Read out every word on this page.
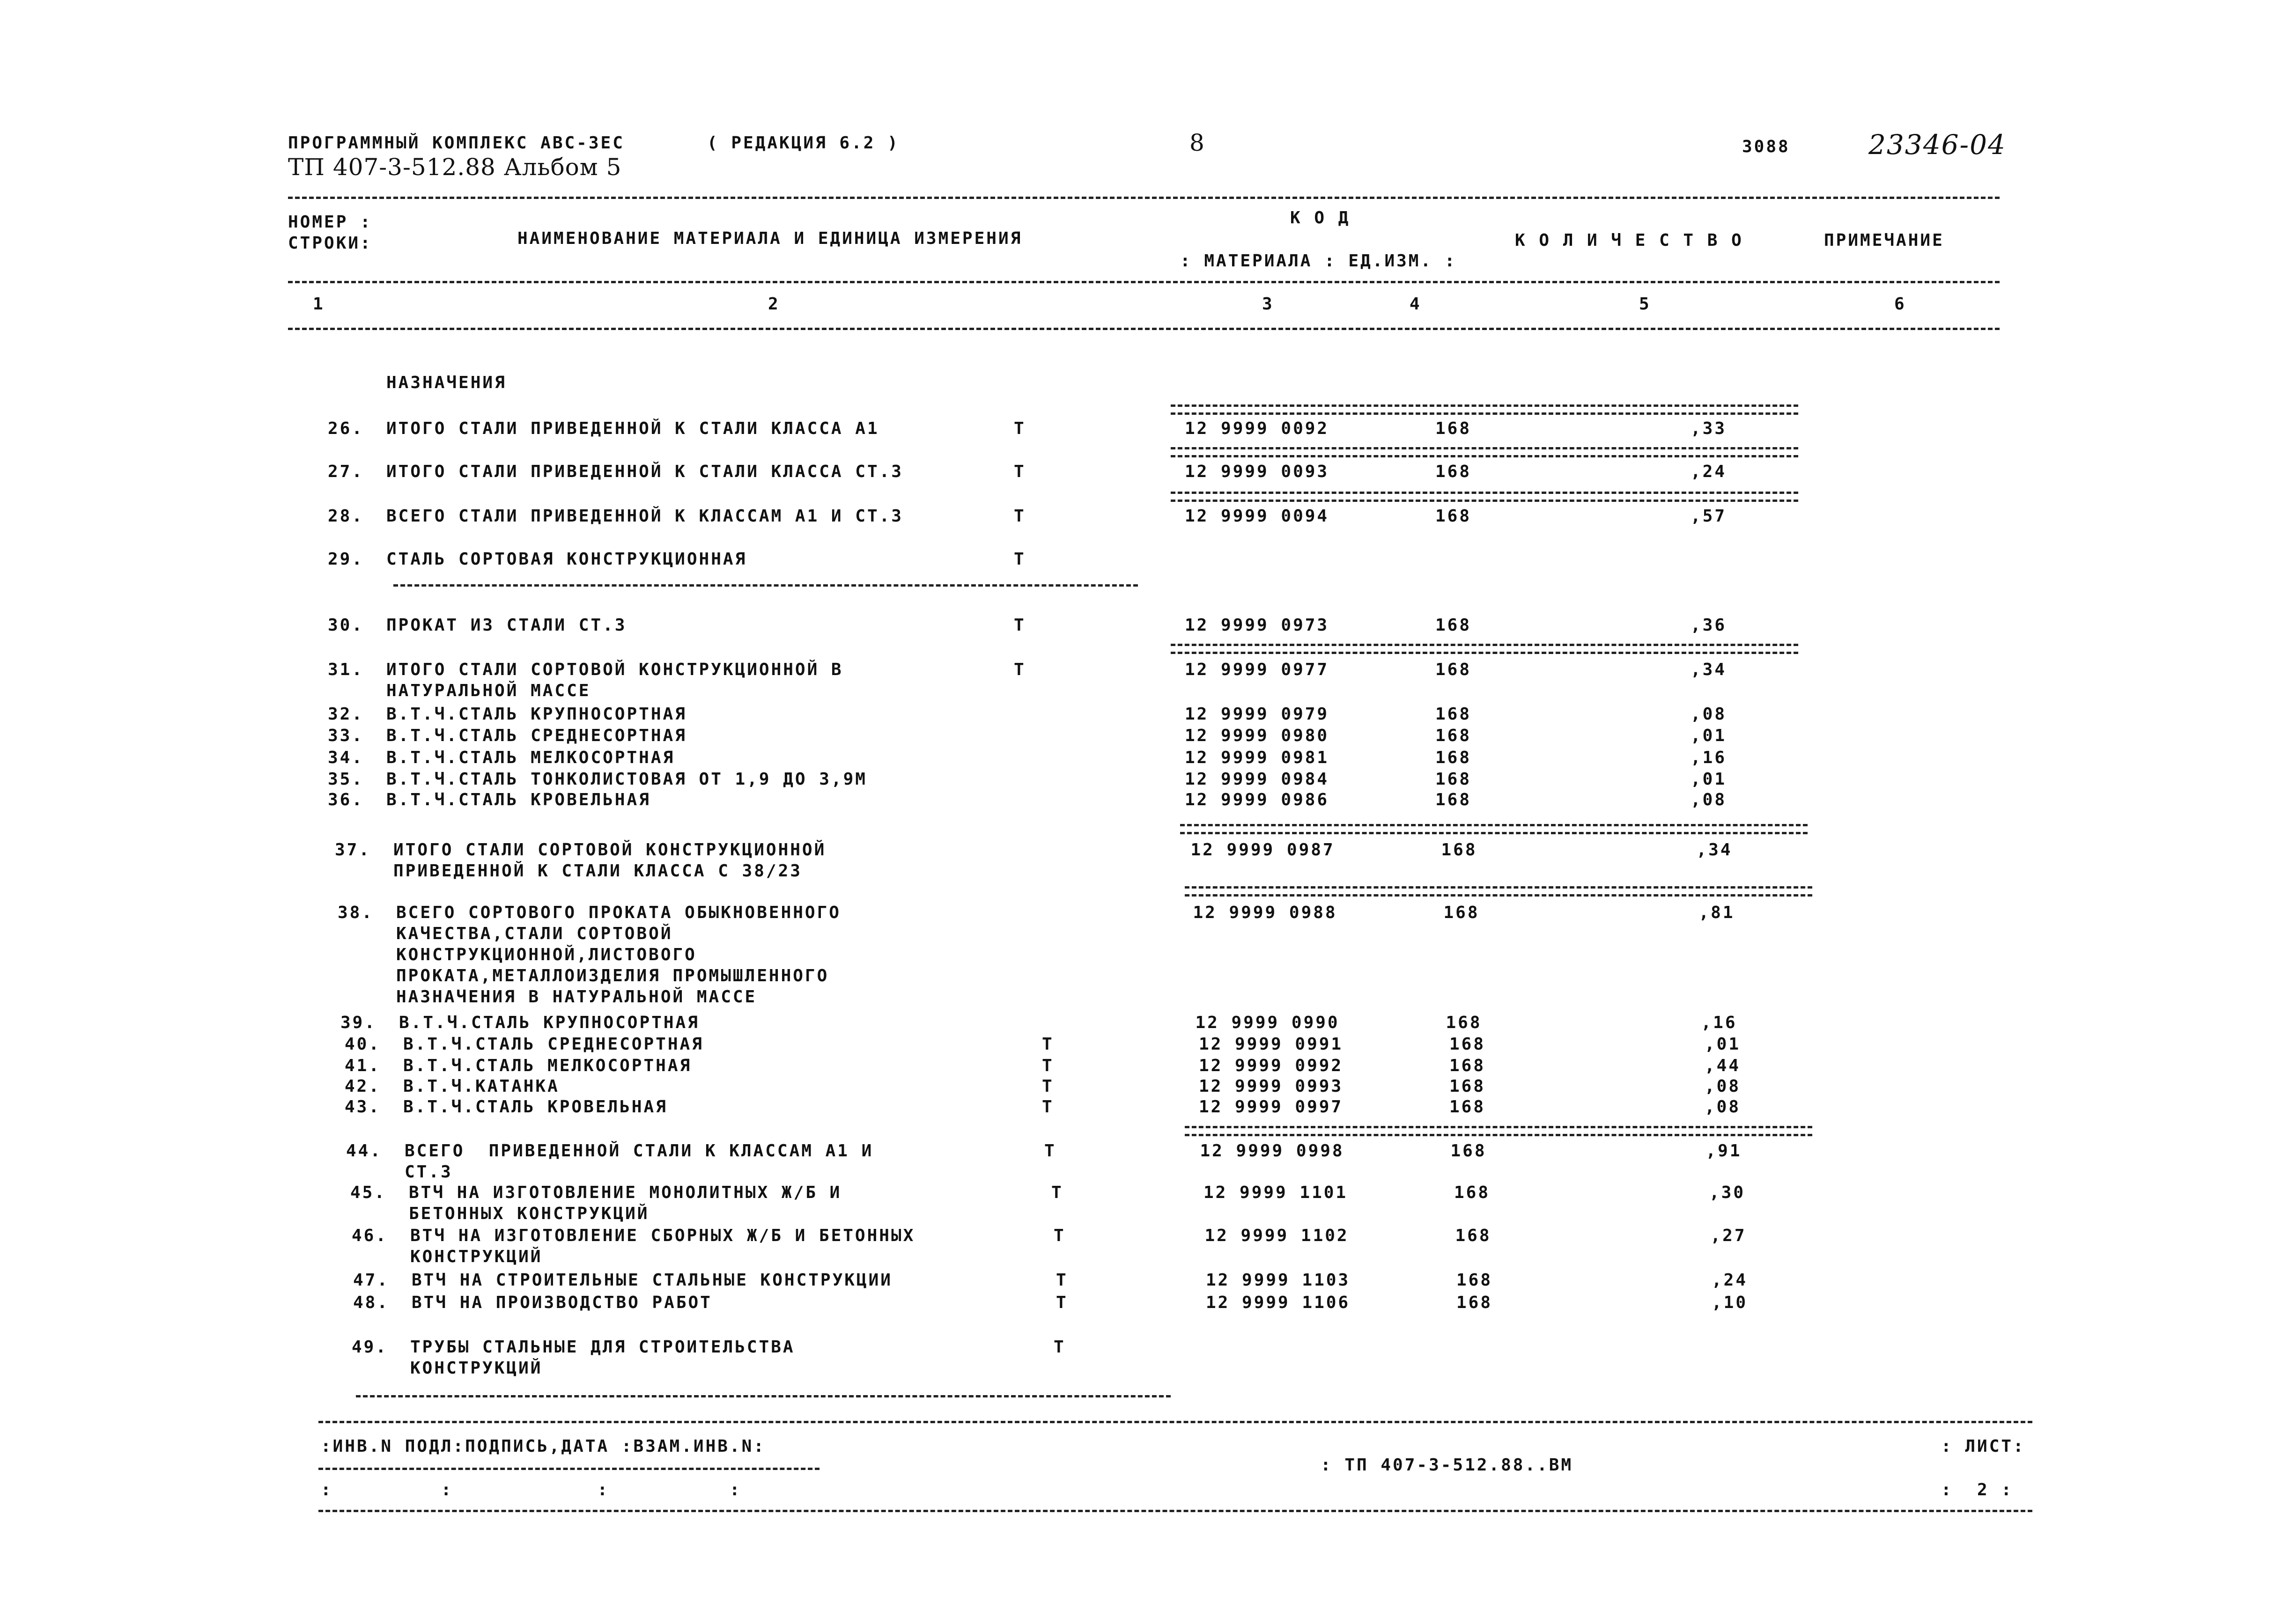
ПРОГРАММНЫЙ КОМПЛЕКС АВС-3ЕС	( РЕДАКЦИЯ 6.2 )
ТП 407-3-512.88 Альбом 5
8	3088	23346-04
НОМЕР : СТРОКИ:	НАИМЕНОВАНИЕ МАТЕРИАЛА И ЕДИНИЦА ИЗМЕРЕНИЯ
К О Д
: МАТЕРИАЛА : ЕД.ИЗМ. :
К О Л И Ч Е С Т В О	ПРИМЕЧАНИЕ
1	2	3	4	5	6
НАЗНАЧЕНИЯ
26. ИТОГО СТАЛИ ПРИВЕДЕННОЙ К СТАЛИ КЛАССА А1	Т	12 9999 0092	168	,33
27. ИТОГО СТАЛИ ПРИВЕДЕННОЙ К СТАЛИ КЛАССА СТ.3	Т	12 9999 0093	168	,24
28. ВСЕГО СТАЛИ ПРИВЕДЕННОЙ К КЛАССАМ А1 И СТ.3	Т	12 9999 0094	168	,57
29. СТАЛЬ СОРТОВАЯ КОНСТРУКЦИОННАЯ	Т
30. ПРОКАТ ИЗ СТАЛИ СТ.3	Т	12 9999 0973	168	,36
31. ИТОГО СТАЛИ СОРТОВОЙ КОНСТРУКЦИОННОЙ В
НАТУРАЛЬНОЙ МАССЕ
Т	12 9999 0977	168	,34
32. В.Т.Ч.СТАЛЬ КРУПНОСОРТНАЯ	12 9999 0979	168	,08
33. В.Т.Ч.СТАЛЬ СРЕДНЕСОРТНАЯ	12 9999 0980	168	,01
34. В.Т.Ч.СТАЛЬ МЕЛКОСОРТНАЯ	12 9999 0981	168	,16
35. В.Т.Ч.СТАЛЬ ТОНКОЛИСТОВАЯ ОТ 1,9 ДО 3,9М	12 9999 0984	168	,01
36. В.Т.Ч.СТАЛЬ КРОВЕЛЬНАЯ	12 9999 0986	168	,08
37. ИТОГО СТАЛИ СОРТОВОЙ КОНСТРУКЦИОННОЙ
ПРИВЕДЕННОЙ К СТАЛИ КЛАССА С 38/23
12 9999 0987	168	,34
38. ВСЕГО СОРТОВОГО ПРОКАТА ОБЫКНОВЕННОГО
КАЧЕСТВА,СТАЛИ СОРТОВОЙ
КОНСТРУКЦИОННОЙ,ЛИСТОВОГО
ПРОКАТА,МЕТАЛЛОИЗДЕЛИЯ ПРОМЫШЛЕННОГО
НАЗНАЧЕНИЯ В НАТУРАЛЬНОЙ МАССЕ
12 9999 0988	168	,81
39. В.Т.Ч.СТАЛЬ КРУПНОСОРТНАЯ	12 9999 0990	168	,16
40. В.Т.Ч.СТАЛЬ СРЕДНЕСОРТНАЯ	Т	12 9999 0991	168	,01
41. В.Т.Ч.СТАЛЬ МЕЛКОСОРТНАЯ	Т	12 9999 0992	168	,44
42. В.Т.Ч.КАТАНКА	Т	12 9999 0993	168	,08
43. В.Т.Ч.СТАЛЬ КРОВЕЛЬНАЯ	Т	12 9999 0997	168	,08
44. ВСЕГО  ПРИВЕДЕННОЙ СТАЛИ К КЛАССАМ А1 И
СТ.3
Т	12 9999 0998	168	,91
45. ВТЧ НА ИЗГОТОВЛЕНИЕ МОНОЛИТНЫХ Ж/Б И
БЕТОННЫХ КОНСТРУКЦИЙ
Т	12 9999 1101	168	,30
46. ВТЧ НА ИЗГОТОВЛЕНИЕ СБОРНЫХ Ж/Б И БЕТОННЫХ
КОНСТРУКЦИЙ
Т	12 9999 1102	168	,27
47. ВТЧ НА СТРОИТЕЛЬНЫЕ СТАЛЬНЫЕ КОНСТРУКЦИИ	Т	12 9999 1103	168	,24
48. ВТЧ НА ПРОИЗВОДСТВО РАБОТ	Т	12 9999 1106	168	,10
49. ТРУБЫ СТАЛЬНЫЕ ДЛЯ СТРОИТЕЛЬСТВА
КОНСТРУКЦИЙ
Т
:ИНВ.N ПОДЛ:ПОДПИСЬ,ДАТА :ВЗАМ.ИНВ.N:
:         :            :          :
: ТП 407-3-512.88..ВМ
: ЛИСТ:
:  2 :
